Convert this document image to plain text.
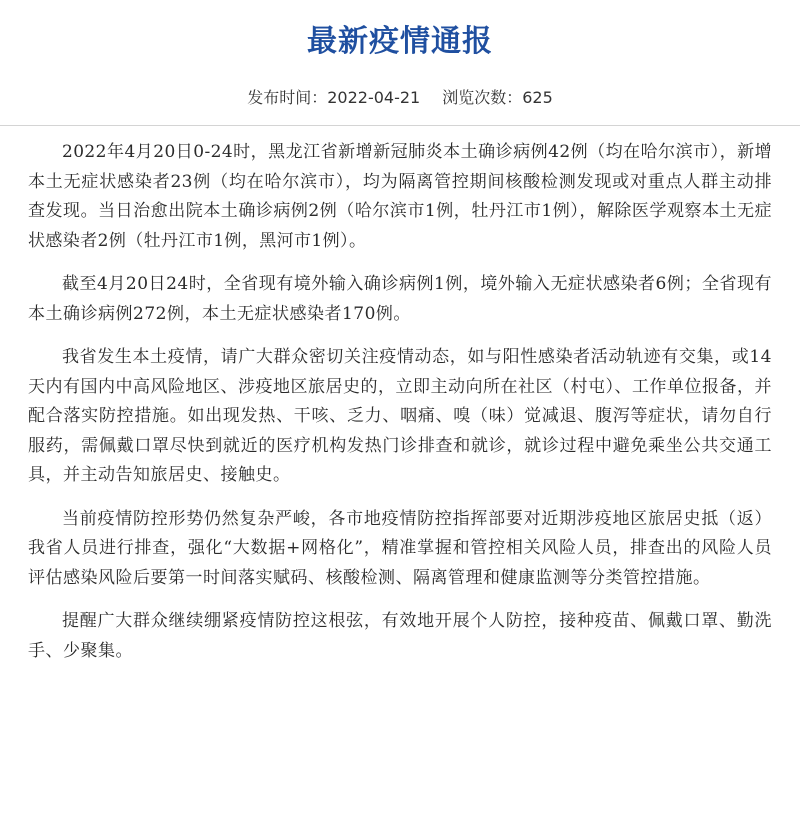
最新疫情通报
发布时间：2022-04-21 浏览次数：625

2022年4月20日0-24时，黑龙江省新增新冠肺炎本土确诊病例42例（均在哈尔滨市），新增本土无症状感染者23例（均在哈尔滨市），均为隔离管控期间核酸检测发现或对重点人群主动排查发现。当日治愈出院本土确诊病例2例（哈尔滨市1例，牡丹江市1例），解除医学观察本土无症状感染者2例（牡丹江市1例，黑河市1例）。

截至4月20日24时，全省现有境外输入确诊病例1例，境外输入无症状感染者6例；全省现有本土确诊病例272例，本土无症状感染者170例。

我省发生本土疫情，请广大群众密切关注疫情动态，如与阳性感染者活动轨迹有交集，或14天内有国内中高风险地区、涉疫地区旅居史的，立即主动向所在社区（村屯）、工作单位报备，并配合落实防控措施。如出现发热、干咳、乏力、咽痛、嗅（味）觉减退、腹泻等症状，请勿自行服药，需佩戴口罩尽快到就近的医疗机构发热门诊排查和就诊，就诊过程中避免乘坐公共交通工具，并主动告知旅居史、接触史。

当前疫情防控形势仍然复杂严峻，各市地疫情防控指挥部要对近期涉疫地区旅居史抵（返）我省人员进行排查，强化“大数据+网格化”，精准掌握和管控相关风险人员，排查出的风险人员评估感染风险后要第一时间落实赋码、核酸检测、隔离管理和健康监测等分类管控措施。

提醒广大群众继续绷紧疫情防控这根弦，有效地开展个人防控，接种疫苗、佩戴口罩、勤洗手、少聚集。
